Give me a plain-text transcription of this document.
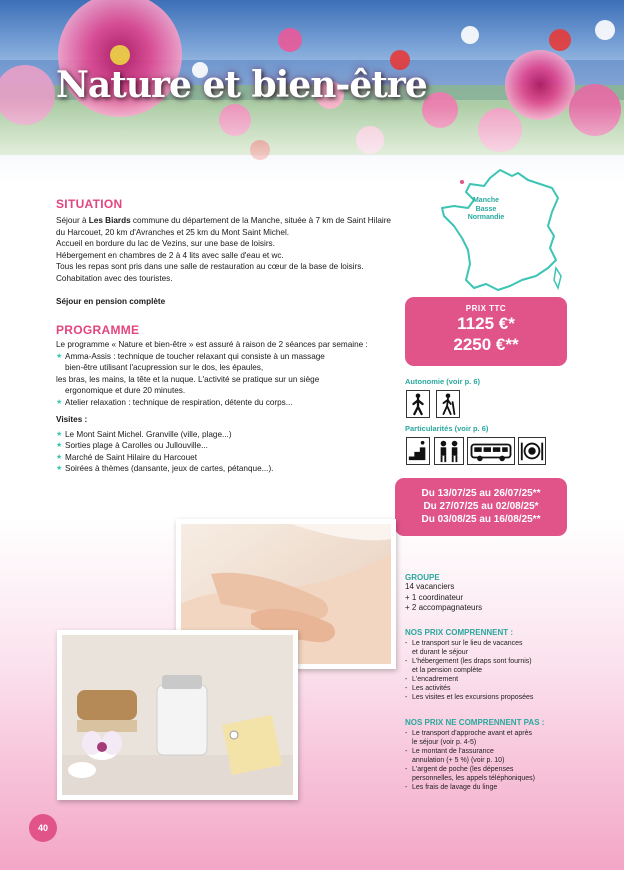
Nature et bien-être
SITUATION

Séjour à Les Biards commune du département de la Manche, située à 7 km de Saint Hilaire du Harcouet, 20 km d'Avranches et 25 km du Mont Saint Michel.

Accueil en bordure du lac de Vezins, sur une base de loisirs.

Hébergement en chambres de 2 à 4 lits avec salle d'eau et wc.

Tous les repas sont pris dans une salle de restauration au cœur de la base de loisirs. Cohabitation avec des touristes.

Séjour en pension complète

PROGRAMME

Le programme « Nature et bien-être » est assuré à raison de 2 séances par semaine :

★ Amma-Assis : technique de toucher relaxant qui consiste à un massage
bien-être utilisant l'acupression sur le dos, les épaules,
les bras, les mains, la tête et la nuque. L'activité se pratique sur un siège
ergonomique et dure 20 minutes.
★ Atelier relaxation : technique de respiration, détente du corps...

Visites :

★ Le Mont Saint Michel. Granville (ville, plage...)
★ Sorties plage à Carolles ou Jullouville...
★ Marché de Saint Hilaire du Harcouet
★ Soirées à thèmes (dansante, jeux de cartes, pétanque...).
Manche
Basse
Normandie
PRIX TTC
1125 €*
2250 €**
Autonomie (voir p. 6)
Particularités (voir p. 6)
Du 13/07/25 au 26/07/25**
Du 27/07/25 au 02/08/25*
Du 03/08/25 au 16/08/25**
GROUPE
14 vacanciers
+ 1 coordinateur
+ 2 accompagnateurs
NOS PRIX COMPRENNENT :
- Le transport sur le lieu de vacances
et durant le séjour
- L'hébergement (les draps sont fournis)
et la pension complète
- L'encadrement
- Les activités
- Les visites et les excursions proposées
NOS PRIX NE COMPRENNENT PAS :
- Le transport d'approche avant et après
le séjour (voir p. 4-5)
- Le montant de l'assurance
annulation (+ 5 %) (voir p. 10)
- L'argent de poche (les dépenses
personnelles, les appels téléphoniques)
- Les frais de lavage du linge
40
